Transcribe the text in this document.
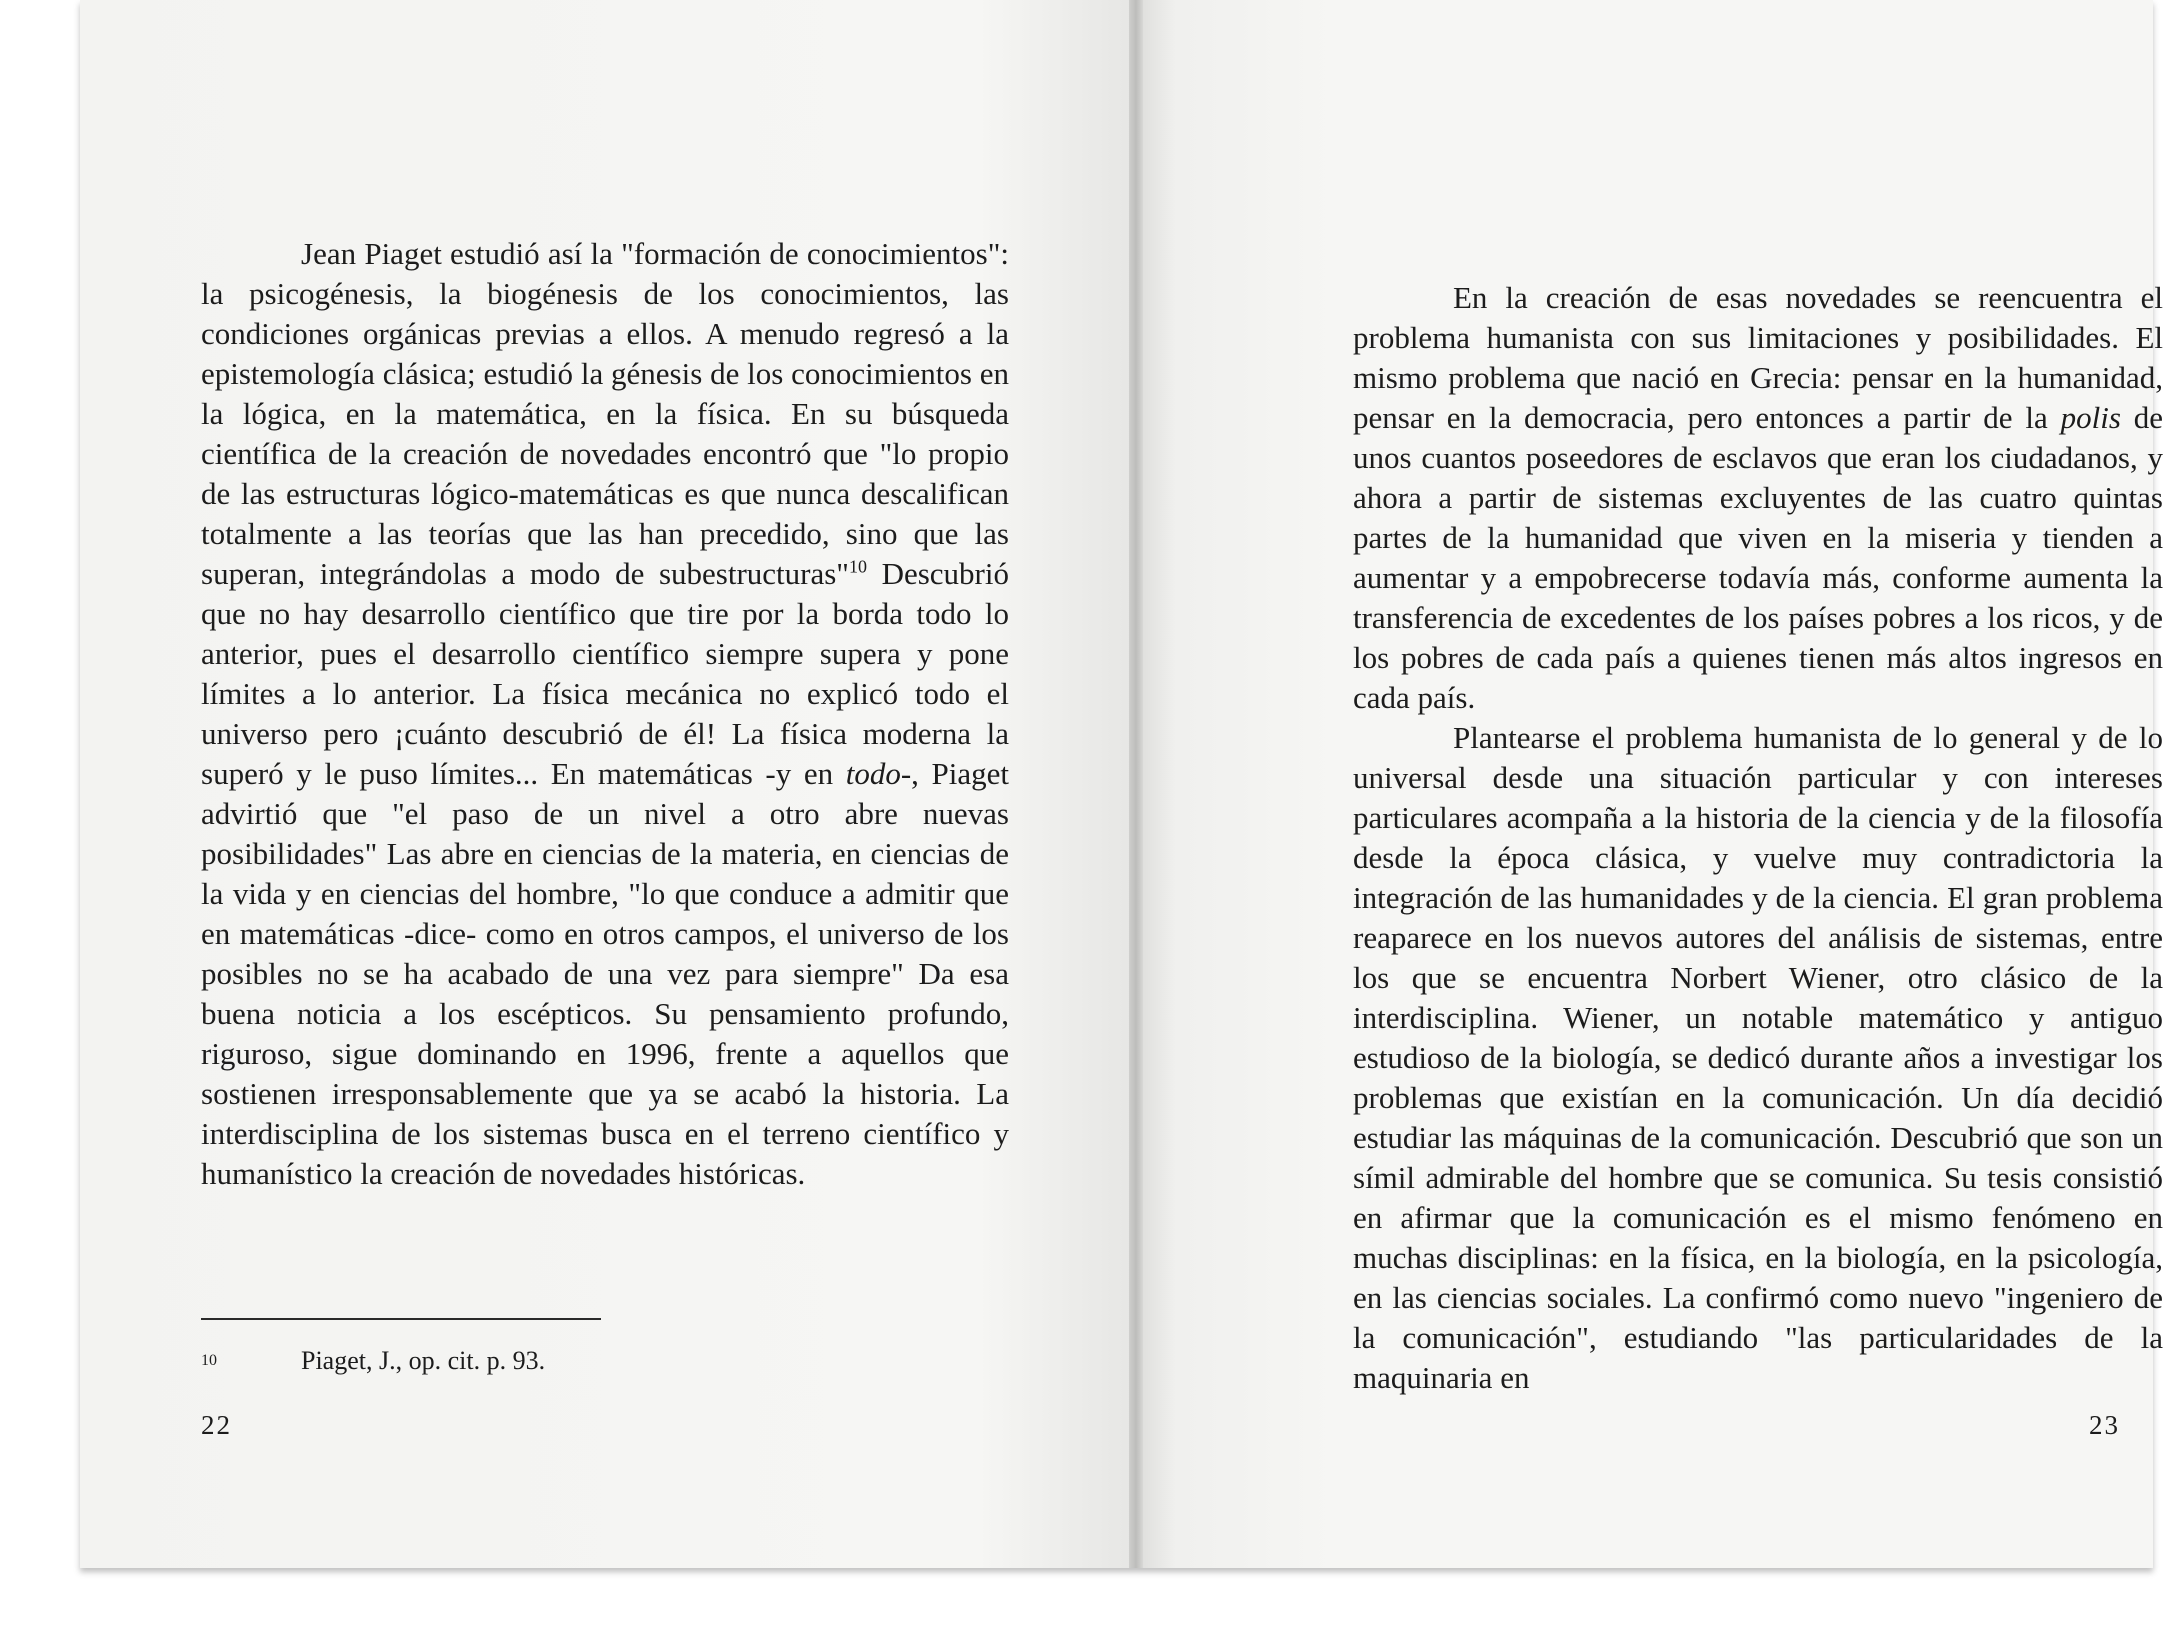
Jean Piaget estudió así la "formación de conocimientos": la psicogénesis, la biogénesis de los conocimientos, las condiciones orgánicas previas a ellos. A menudo regresó a la epistemología clásica; estudió la génesis de los conocimientos en la lógica, en la matemática, en la física. En su búsqueda científica de la creación de novedades encontró que "lo propio de las estructuras lógico-matemáticas es que nunca descalifican totalmente a las teorías que las han precedido, sino que las superan, integrándolas a modo de subestructuras"$^{10}$ Descubrió que no hay desarrollo científico que tire por la borda todo lo anterior, pues el desarrollo científico siempre supera y pone límites a lo anterior. La física mecánica no explicó todo el universo pero ¡cuánto descubrió de él! La física moderna la superó y le puso límites... En matemáticas -y en todo-, Piaget advirtió que "el paso de un nivel a otro abre nuevas posibilidades" Las abre en ciencias de la materia, en ciencias de la vida y en ciencias del hombre, "lo que conduce a admitir que en matemáticas -dice- como en otros campos, el universo de los posibles no se ha acabado de una vez para siempre" Da esa buena noticia a los escépticos. Su pensamiento profundo, riguroso, sigue dominando en 1996, frente a aquellos que sostienen irresponsablemente que ya se acabó la historia. La interdisciplina de los sistemas busca en el terreno científico y humanístico la creación de novedades históricas.

10	Piaget, J., op. cit. p. 93.
22

En la creación de esas novedades se reencuentra el problema humanista con sus limitaciones y posibilidades. El mismo problema que nació en Grecia: pensar en la humanidad, pensar en la democracia, pero entonces a partir de la polis de unos cuantos poseedores de esclavos que eran los ciudadanos, y ahora a partir de sistemas excluyentes de las cuatro quintas partes de la humanidad que viven en la miseria y tienden a aumentar y a empobrecerse todavía más, conforme aumenta la transferencia de excedentes de los países pobres a los ricos, y de los pobres de cada país a quienes tienen más altos ingresos en cada país.

Plantearse el problema humanista de lo general y de lo universal desde una situación particular y con intereses particulares acompaña a la historia de la ciencia y de la filosofía desde la época clásica, y vuelve muy contradictoria la integración de las humanidades y de la ciencia. El gran problema reaparece en los nuevos autores del análisis de sistemas, entre los que se encuentra Norbert Wiener, otro clásico de la interdisciplina. Wiener, un notable matemático y antiguo estudioso de la biología, se dedicó durante años a investigar los problemas que existían en la comunicación. Un día decidió estudiar las máquinas de la comunicación. Descubrió que son un símil admirable del hombre que se comunica. Su tesis consistió en afirmar que la comunicación es el mismo fenómeno en muchas disciplinas: en la física, en la biología, en la psicología, en las ciencias sociales. La confirmó como nuevo "ingeniero de la comunicación", estudiando "las particularidades de la maquinaria en

23
